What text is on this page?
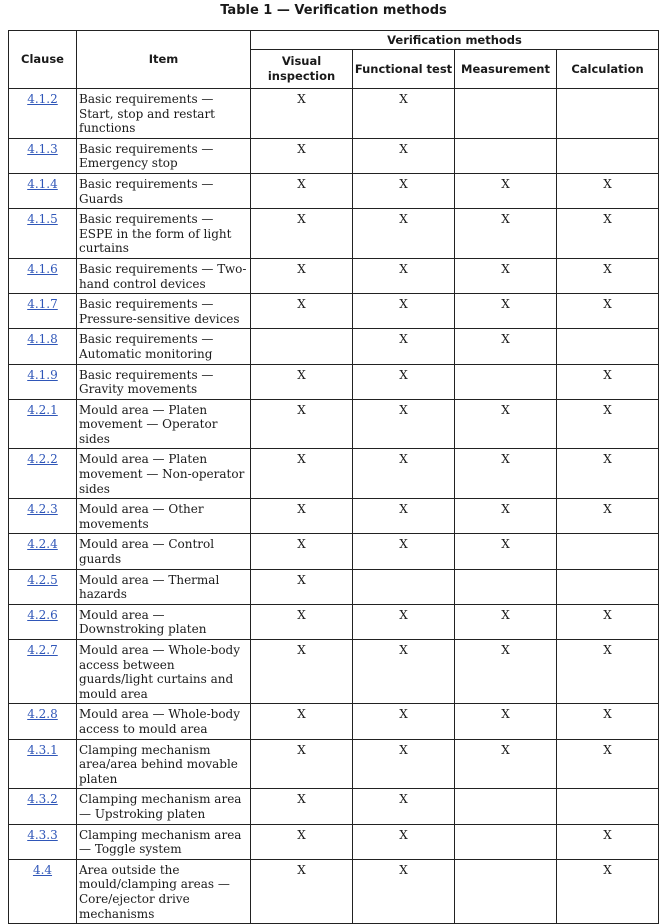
Table 1 — Verification methods
Clause	Item	Verification methods			
		Visual inspection	Functional test	Measurement	Calculation
4.1.2	Basic requirements — Start, stop and restart functions	X	X		
4.1.3	Basic requirements — Emergency stop	X	X		
4.1.4	Basic requirements — Guards	X	X	X	X
4.1.5	Basic requirements — ESPE in the form of light curtains	X	X	X	X
4.1.6	Basic requirements — Two-hand control devices	X	X	X	X
4.1.7	Basic requirements — Pressure-sensitive devices	X	X	X	X
4.1.8	Basic requirements — Automatic monitoring		X	X	
4.1.9	Basic requirements — Gravity movements	X	X		X
4.2.1	Mould area — Platen movement — Operator sides	X	X	X	X
4.2.2	Mould area — Platen movement — Non-operator sides	X	X	X	X
4.2.3	Mould area — Other movements	X	X	X	X
4.2.4	Mould area — Control guards	X	X	X	
4.2.5	Mould area — Thermal hazards	X			
4.2.6	Mould area — Downstroking platen	X	X	X	X
4.2.7	Mould area — Whole-body access between guards/light curtains and mould area	X	X	X	X
4.2.8	Mould area — Whole-body access to mould area	X	X	X	X
4.3.1	Clamping mechanism area/area behind movable platen	X	X	X	X
4.3.2	Clamping mechanism area — Upstroking platen	X	X		
4.3.3	Clamping mechanism area — Toggle system	X	X		X
4.4	Area outside the mould/clamping areas — Core/ejector drive mechanisms	X	X		X
